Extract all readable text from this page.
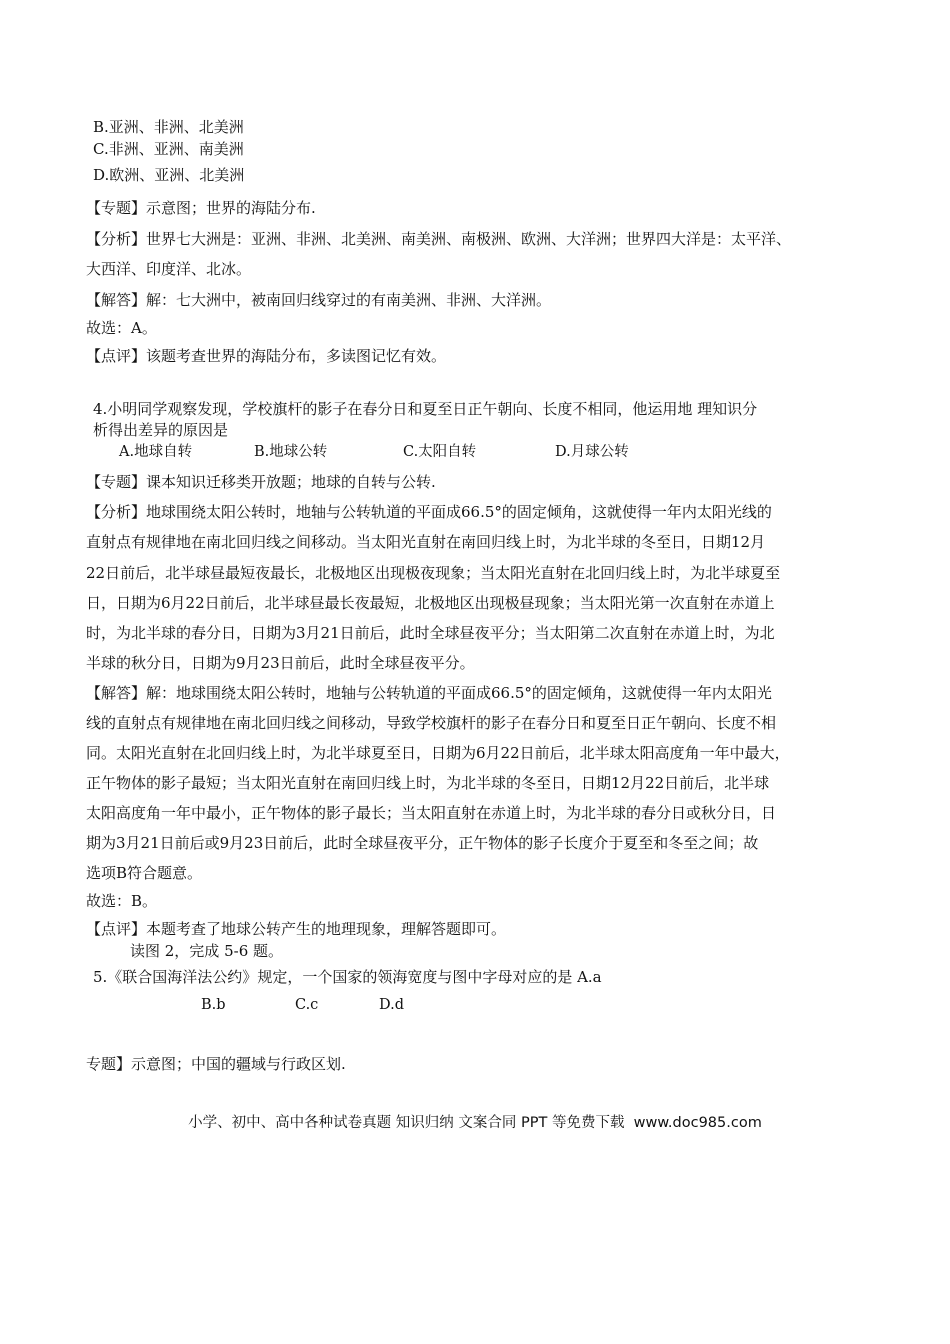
B.亚洲、非洲、北美洲
C.非洲、亚洲、南美洲
D.欧洲、亚洲、北美洲
【专题】示意图；世界的海陆分布.
【分析】世界七大洲是：亚洲、非洲、北美洲、南美洲、南极洲、欧洲、大洋洲；世界四大洋是：太平洋、
大西洋、印度洋、北冰。
【解答】解：七大洲中，被南回归线穿过的有南美洲、非洲、大洋洲。
故选：A。
【点评】该题考查世界的海陆分布，多读图记忆有效。
4.小明同学观察发现，学校旗杆的影子在春分日和夏至日正午朝向、长度不相同，他运用地 理知识分
析得出差异的原因是
A.地球自转	B.地球公转	C.太阳自转	D.月球公转
【专题】课本知识迁移类开放题；地球的自转与公转.
【分析】地球围绕太阳公转时，地轴与公转轨道的平面成66.5°的固定倾角，这就使得一年内太阳光线的
直射点有规律地在南北回归线之间移动。当太阳光直射在南回归线上时，为北半球的冬至日，日期12月
22日前后，北半球昼最短夜最长，北极地区出现极夜现象；当太阳光直射在北回归线上时，为北半球夏至
日，日期为6月22日前后，北半球昼最长夜最短，北极地区出现极昼现象；当太阳光第一次直射在赤道上
时，为北半球的春分日，日期为3月21日前后，此时全球昼夜平分；当太阳第二次直射在赤道上时，为北
半球的秋分日，日期为9月23日前后，此时全球昼夜平分。
【解答】解：地球围绕太阳公转时，地轴与公转轨道的平面成66.5°的固定倾角，这就使得一年内太阳光
线的直射点有规律地在南北回归线之间移动，导致学校旗杆的影子在春分日和夏至日正午朝向、长度不相
同。太阳光直射在北回归线上时，为北半球夏至日，日期为6月22日前后，北半球太阳高度角一年中最大，
正午物体的影子最短；当太阳光直射在南回归线上时，为北半球的冬至日，日期12月22日前后，北半球
太阳高度角一年中最小，正午物体的影子最长；当太阳直射在赤道上时，为北半球的春分日或秋分日，日
期为3月21日前后或9月23日前后，此时全球昼夜平分，正午物体的影子长度介于夏至和冬至之间；故
选项B符合题意。
故选：B。
【点评】本题考查了地球公转产生的地理现象，理解答题即可。
读图 2，完成 5-6 题。
5.《联合国海洋法公约》规定，一个国家的领海宽度与图中字母对应的是 A.a
B.b	C.c	D.d
专题】示意图；中国的疆域与行政区划.
小学、初中、高中各种试卷真题 知识归纳 文案合同 PPT 等免费下载  www.doc985.com
